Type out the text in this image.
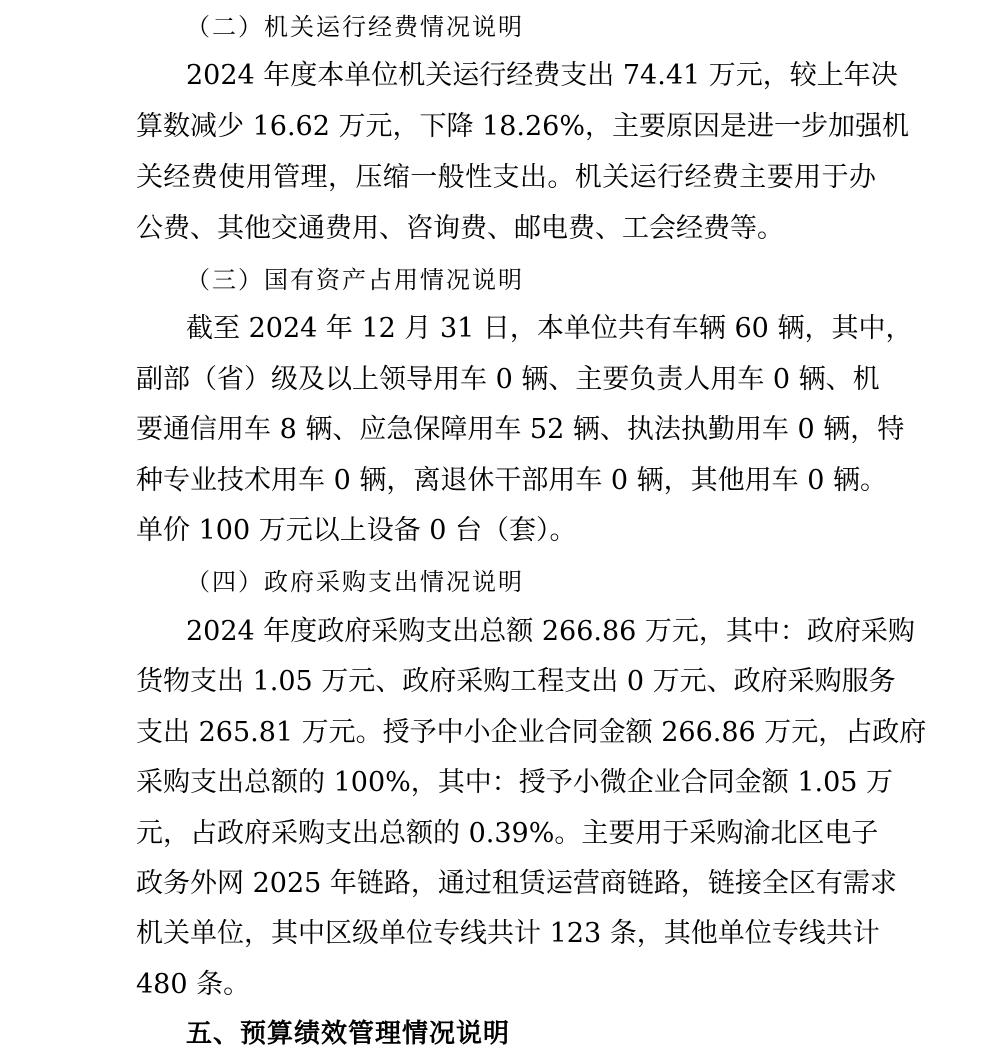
（二）机关运行经费情况说明
2024 年度本单位机关运行经费支出 74.41 万元，较上年决
算数减少 16.62 万元，下降 18.26%，主要原因是进一步加强机
关经费使用管理，压缩一般性支出。机关运行经费主要用于办
公费、其他交通费用、咨询费、邮电费、工会经费等。
（三）国有资产占用情况说明
截至 2024 年 12 月 31 日，本单位共有车辆 60 辆，其中，
副部（省）级及以上领导用车 0 辆、主要负责人用车 0 辆、机
要通信用车 8 辆、应急保障用车 52 辆、执法执勤用车 0 辆，特
种专业技术用车 0 辆，离退休干部用车 0 辆，其他用车 0 辆。
单价 100 万元以上设备 0 台（套）。
（四）政府采购支出情况说明
2024 年度政府采购支出总额 266.86 万元，其中：政府采购
货物支出 1.05 万元、政府采购工程支出 0 万元、政府采购服务
支出 265.81 万元。授予中小企业合同金额 266.86 万元，占政府
采购支出总额的 100%，其中：授予小微企业合同金额 1.05 万
元，占政府采购支出总额的 0.39%。主要用于采购渝北区电子
政务外网 2025 年链路，通过租赁运营商链路，链接全区有需求
机关单位，其中区级单位专线共计 123 条，其他单位专线共计
480 条。
五、预算绩效管理情况说明
